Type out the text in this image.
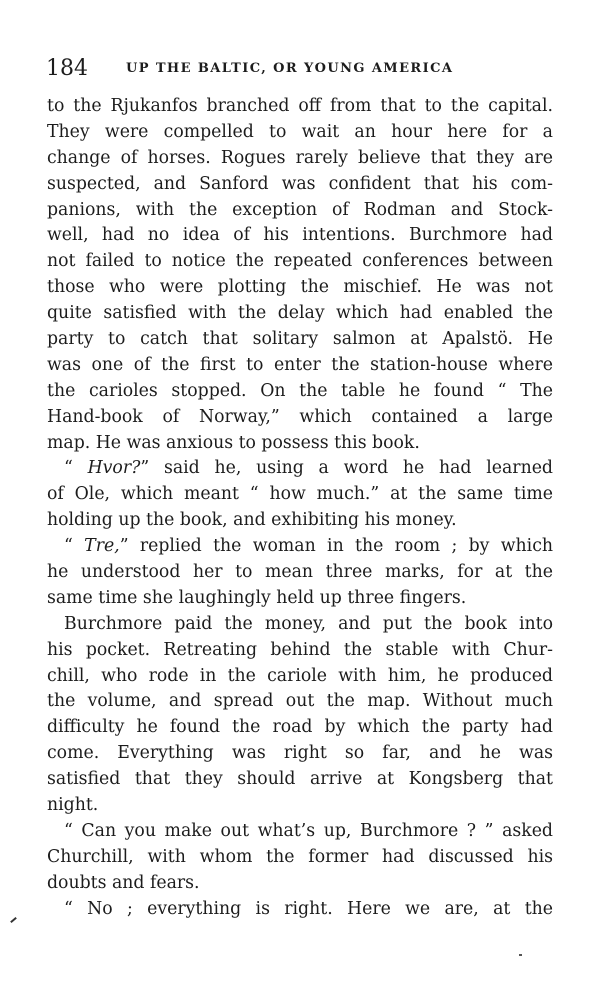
184	UP THE BALTIC, OR YOUNG AMERICA
to the Rjukanfos branched off from that to the capital.
They were compelled to wait an hour here for a
change of horses. Rogues rarely believe that they are
suspected, and Sanford was confident that his com-
panions, with the exception of Rodman and Stock-
well, had no idea of his intentions. Burchmore had
not failed to notice the repeated conferences between
those who were plotting the mischief. He was not
quite satisfied with the delay which had enabled the
party to catch that solitary salmon at Apalstö. He
was one of the first to enter the station-house where
the carioles stopped. On the table he found “ The
Hand-book of Norway,” which contained a large
map. He was anxious to possess this book.
“ Hvor?” said he, using a word he had learned
of Ole, which meant “ how much.” at the same time
holding up the book, and exhibiting his money.
“ Tre,” replied the woman in the room ; by which
he understood her to mean three marks, for at the
same time she laughingly held up three fingers.
Burchmore paid the money, and put the book into
his pocket. Retreating behind the stable with Chur-
chill, who rode in the cariole with him, he produced
the volume, and spread out the map. Without much
difficulty he found the road by which the party had
come. Everything was right so far, and he was
satisfied that they should arrive at Kongsberg that
night.
“ Can you make out what’s up, Burchmore ? ” asked
Churchill, with whom the former had discussed his
doubts and fears.
“ No ; everything is right. Here we are, at the
